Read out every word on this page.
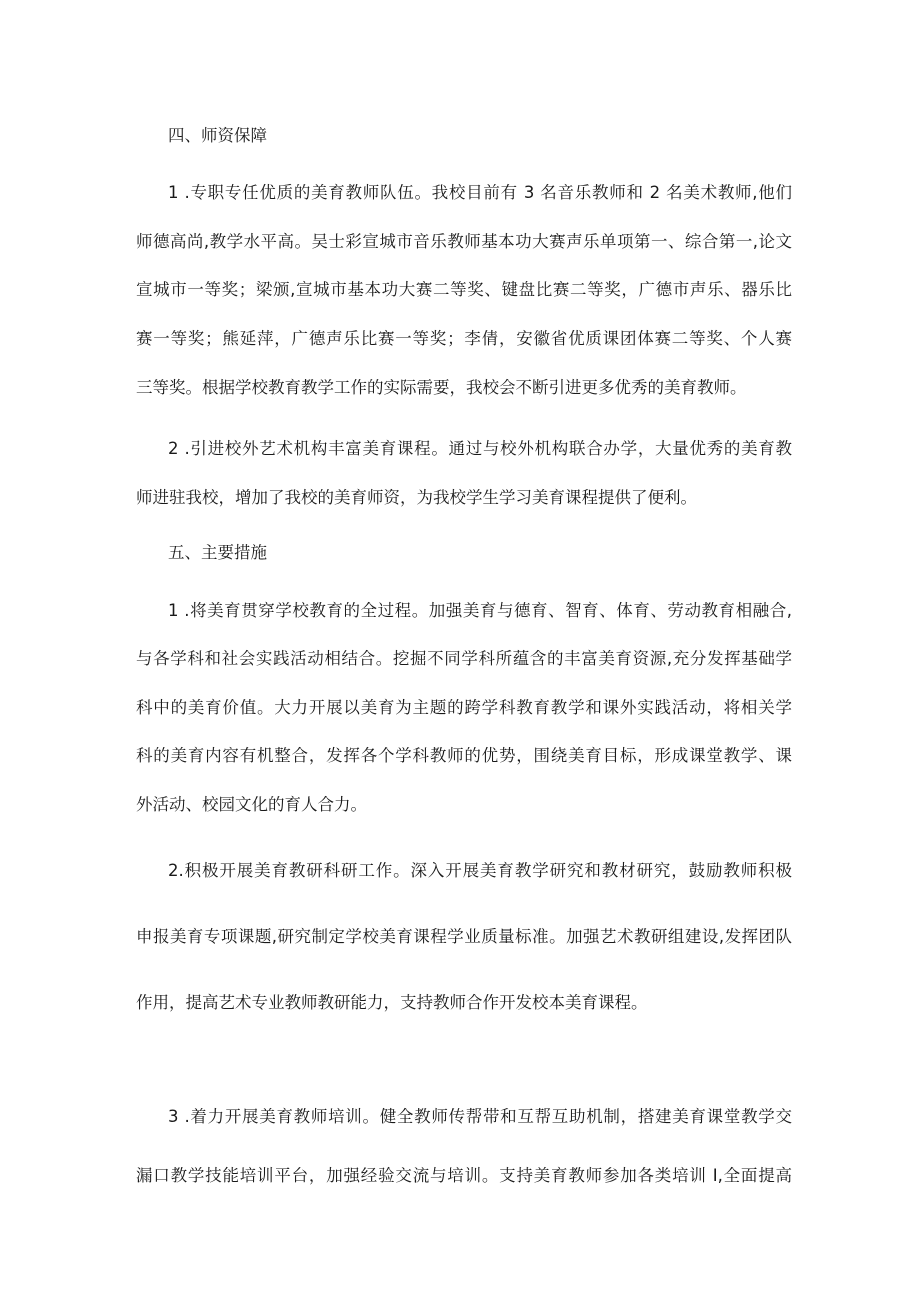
四、师资保障
1 .专职专任优质的美育教师队伍。我校目前有 3 名音乐教师和 2 名美术教师,他们
师德高尚,教学水平高。吴士彩宣城市音乐教师基本功大赛声乐单项第一、综合第一,论文
宣城市一等奖；梁颁,宣城市基本功大赛二等奖、键盘比赛二等奖，广德市声乐、器乐比
赛一等奖；熊延萍，广德声乐比赛一等奖；李倩，安徽省优质课团体赛二等奖、个人赛
三等奖。根据学校教育教学工作的实际需要，我校会不断引进更多优秀的美育教师。
2 .引进校外艺术机构丰富美育课程。通过与校外机构联合办学，大量优秀的美育教
师进驻我校，增加了我校的美育师资，为我校学生学习美育课程提供了便利。
五、主要措施
1 .将美育贯穿学校教育的全过程。加强美育与德育、智育、体育、劳动教育相融合,
与各学科和社会实践活动相结合。挖掘不同学科所蕴含的丰富美育资源,充分发挥基础学
科中的美育价值。大力开展以美育为主题的跨学科教育教学和课外实践活动，将相关学
科的美育内容有机整合，发挥各个学科教师的优势，围绕美育目标，形成课堂教学、课
外活动、校园文化的育人合力。
2.积极开展美育教研科研工作。深入开展美育教学研究和教材研究，鼓励教师积极
申报美育专项课题,研究制定学校美育课程学业质量标准。加强艺术教研组建设,发挥团队
作用，提高艺术专业教师教研能力，支持教师合作开发校本美育课程。
3 .着力开展美育教师培训。健全教师传帮带和互帮互助机制，搭建美育课堂教学交
漏口教学技能培训平台，加强经验交流与培训。支持美育教师参加各类培训 I,全面提高
